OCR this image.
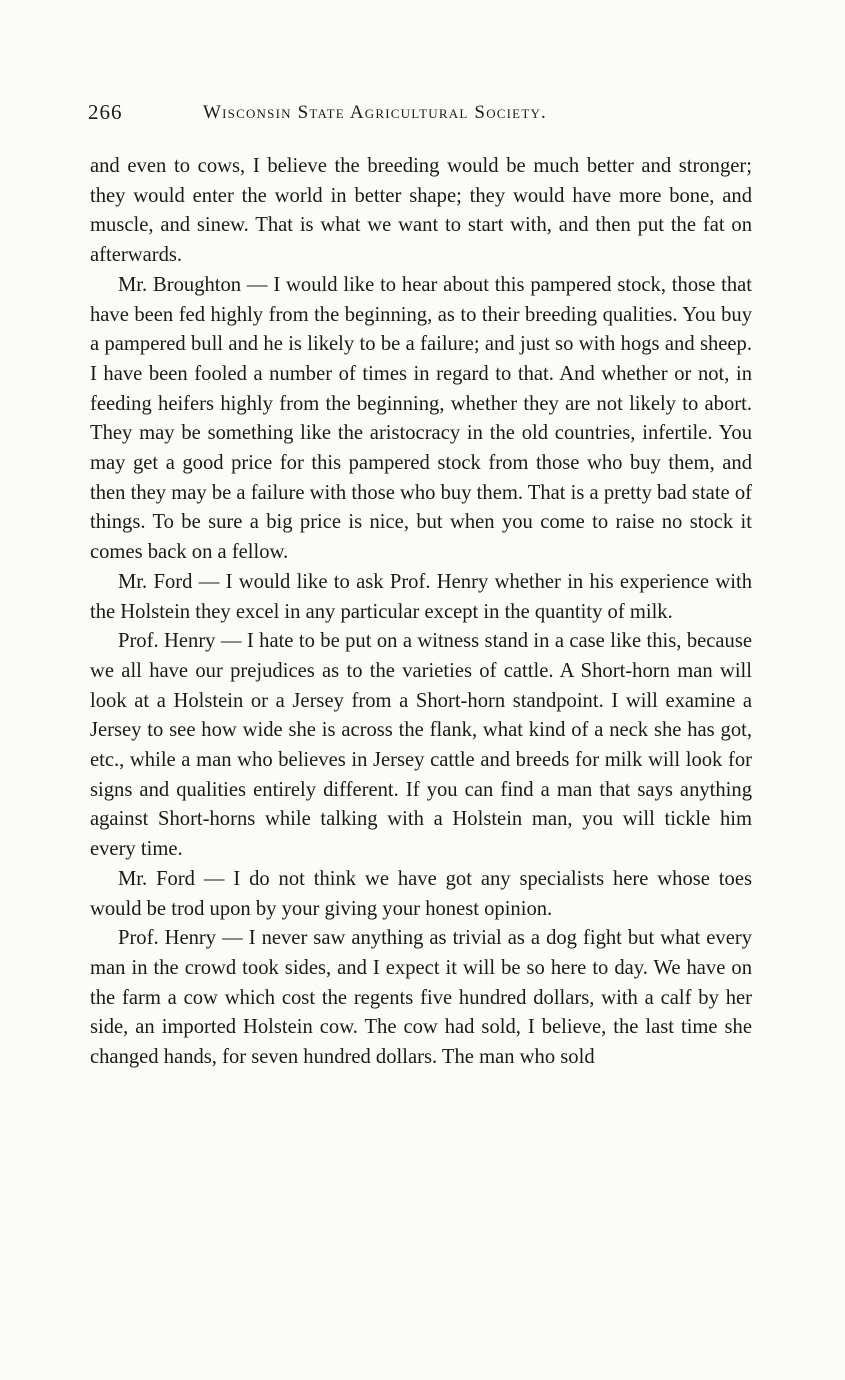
266	Wisconsin State Agricultural Society.

and even to cows, I believe the breeding would be much better and stronger; they would enter the world in better shape; they would have more bone, and muscle, and sinew. That is what we want to start with, and then put the fat on afterwards.

Mr. Broughton — I would like to hear about this pampered stock, those that have been fed highly from the beginning, as to their breeding qualities. You buy a pampered bull and he is likely to be a failure; and just so with hogs and sheep. I have been fooled a number of times in regard to that. And whether or not, in feeding heifers highly from the beginning, whether they are not likely to abort. They may be something like the aristocracy in the old countries, infertile. You may get a good price for this pampered stock from those who buy them, and then they may be a failure with those who buy them. That is a pretty bad state of things. To be sure a big price is nice, but when you come to raise no stock it comes back on a fellow.

Mr. Ford — I would like to ask Prof. Henry whether in his experience with the Holstein they excel in any particular except in the quantity of milk.

Prof. Henry — I hate to be put on a witness stand in a case like this, because we all have our prejudices as to the varieties of cattle. A Short-horn man will look at a Holstein or a Jersey from a Short-horn standpoint. I will examine a Jersey to see how wide she is across the flank, what kind of a neck she has got, etc., while a man who believes in Jersey cattle and breeds for milk will look for signs and qualities entirely different. If you can find a man that says anything against Short-horns while talking with a Holstein man, you will tickle him every time.

Mr. Ford — I do not think we have got any specialists here whose toes would be trod upon by your giving your honest opinion.

Prof. Henry — I never saw anything as trivial as a dog fight but what every man in the crowd took sides, and I expect it will be so here to day. We have on the farm a cow which cost the regents five hundred dollars, with a calf by her side, an imported Holstein cow. The cow had sold, I believe, the last time she changed hands, for seven hundred dollars. The man who sold
